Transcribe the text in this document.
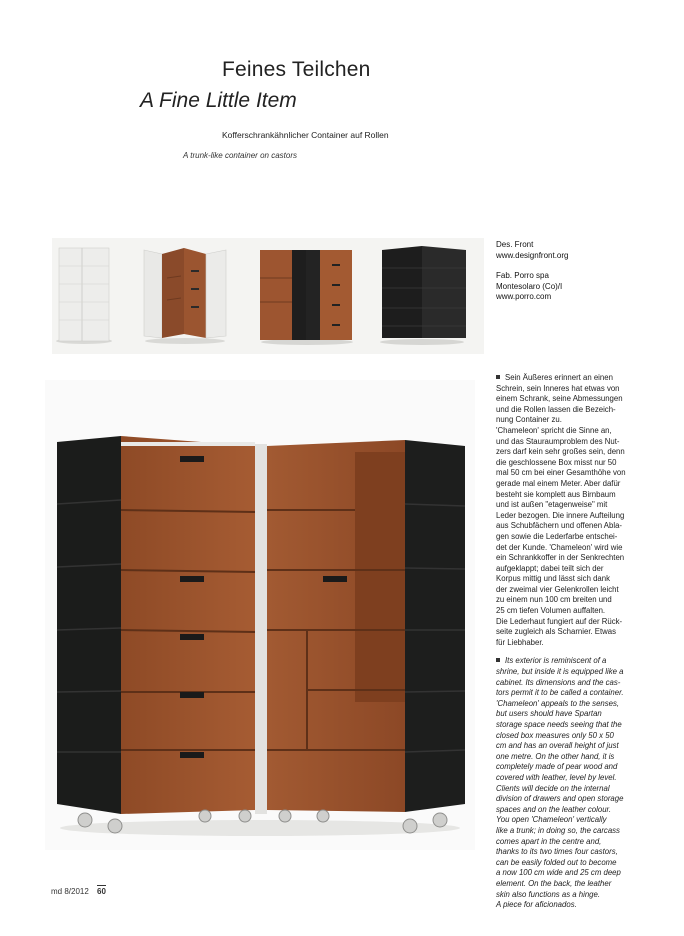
Feines Teilchen
A Fine Little Item
Kofferschrankähnlicher Container auf Rollen
A trunk-like container on castors
Des. Front
www.designfront.org
Fab. Porro spa
Montesolaro (Co)/I
www.porro.com

Sein Äußeres erinnert an einen
Schrein, sein Inneres hat etwas von
einem Schrank, seine Abmessungen
und die Rollen lassen die Bezeich-
nung Container zu.
'Chameleon' spricht die Sinne an,
und das Stauraumproblem des Nut-
zers darf kein sehr großes sein, denn
die geschlossene Box misst nur 50
mal 50 cm bei einer Gesamthöhe von
gerade mal einem Meter. Aber dafür
besteht sie komplett aus Birnbaum
und ist außen "etagenweise" mit
Leder bezogen. Die innere Aufteilung
aus Schubfächern und offenen Abla-
gen sowie die Lederfarbe entschei-
det der Kunde. 'Chameleon' wird wie
ein Schrankkoffer in der Senkrechten
aufgeklappt; dabei teilt sich der
Korpus mittig und lässt sich dank
der zweimal vier Gelenkrollen leicht
zu einem nun 100 cm breiten und
25 cm tiefen Volumen auffalten.
Die Lederhaut fungiert auf der Rück-
seite zugleich als Scharnier. Etwas
für Liebhaber.

Its exterior is reminiscent of a
shrine, but inside it is equipped like a
cabinet. Its dimensions and the cas-
tors permit it to be called a container.
'Chameleon' appeals to the senses,
but users should have Spartan
storage space needs seeing that the
closed box measures only 50 x 50
cm and has an overall height of just
one metre. On the other hand, it is
completely made of pear wood and
covered with leather, level by level.
Clients will decide on the internal
division of drawers and open storage
spaces and on the leather colour.
You open 'Chameleon' vertically
like a trunk; in doing so, the carcass
comes apart in the centre and,
thanks to its two times four castors,
can be easily folded out to become
a now 100 cm wide and 25 cm deep
element. On the back, the leather
skin also functions as a hinge.
A piece for aficionados.

md 8/2012 60
